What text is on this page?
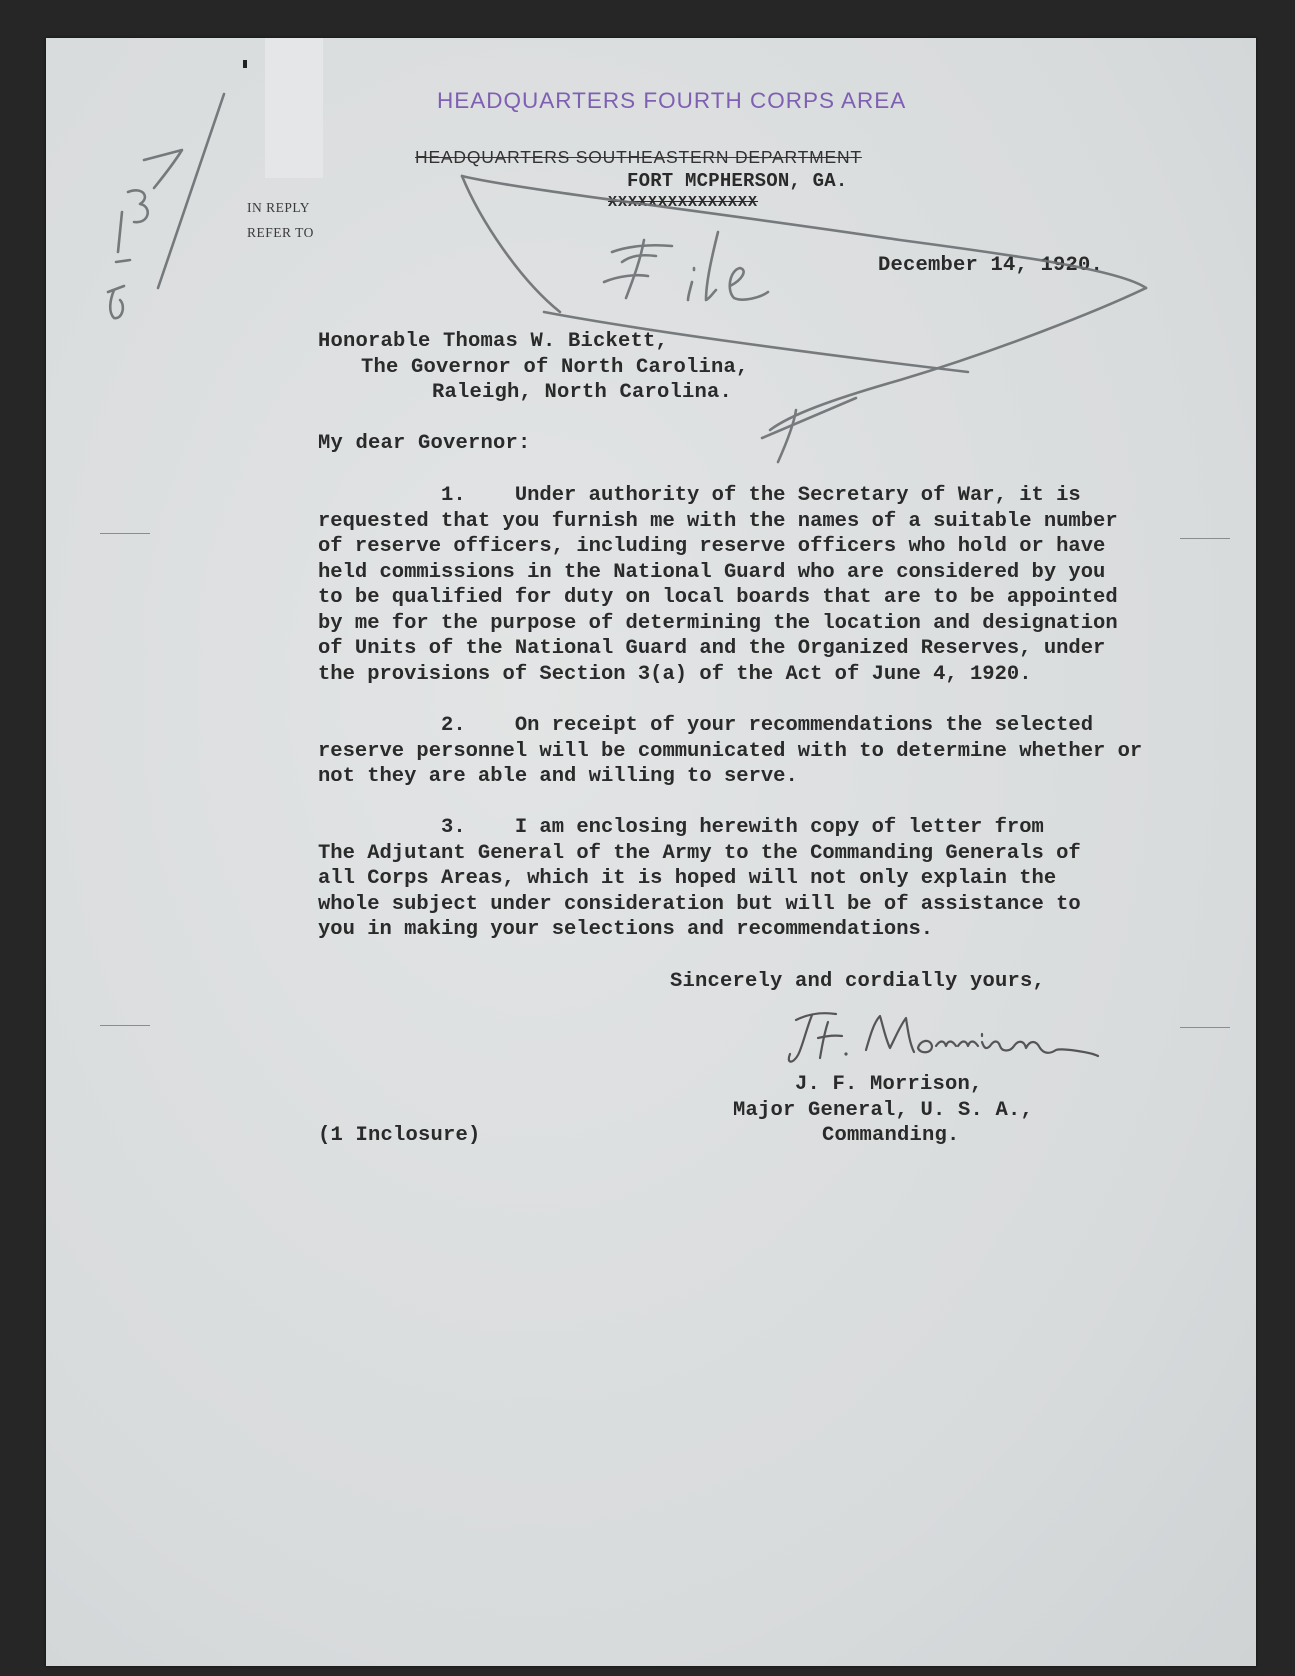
HEADQUARTERS FOURTH CORPS AREA
HEADQUARTERS SOUTHEASTERN DEPARTMENT
FORT MCPHERSON, GA.
XXXXXXXXXXXXXXX
IN REPLY
REFER TO
December 14, 1920.
Honorable Thomas W. Bickett,
The Governor of North Carolina,
Raleigh, North Carolina.
My dear Governor:
1.    Under authority of the Secretary of War, it is
requested that you furnish me with the names of a suitable number
of reserve officers, including reserve officers who hold or have
held commissions in the National Guard who are considered by you
to be qualified for duty on local boards that are to be appointed
by me for the purpose of determining the location and designation
of Units of the National Guard and the Organized Reserves, under
the provisions of Section 3(a) of the Act of June 4, 1920.
2.    On receipt of your recommendations the selected
reserve personnel will be communicated with to determine whether or
not they are able and willing to serve.
3.    I am enclosing herewith copy of letter from
The Adjutant General of the Army to the Commanding Generals of
all Corps Areas, which it is hoped will not only explain the
whole subject under consideration but will be of assistance to
you in making your selections and recommendations.
Sincerely and cordially yours,
J. F. Morrison,
Major General, U. S. A.,
Commanding.
(1 Inclosure)
